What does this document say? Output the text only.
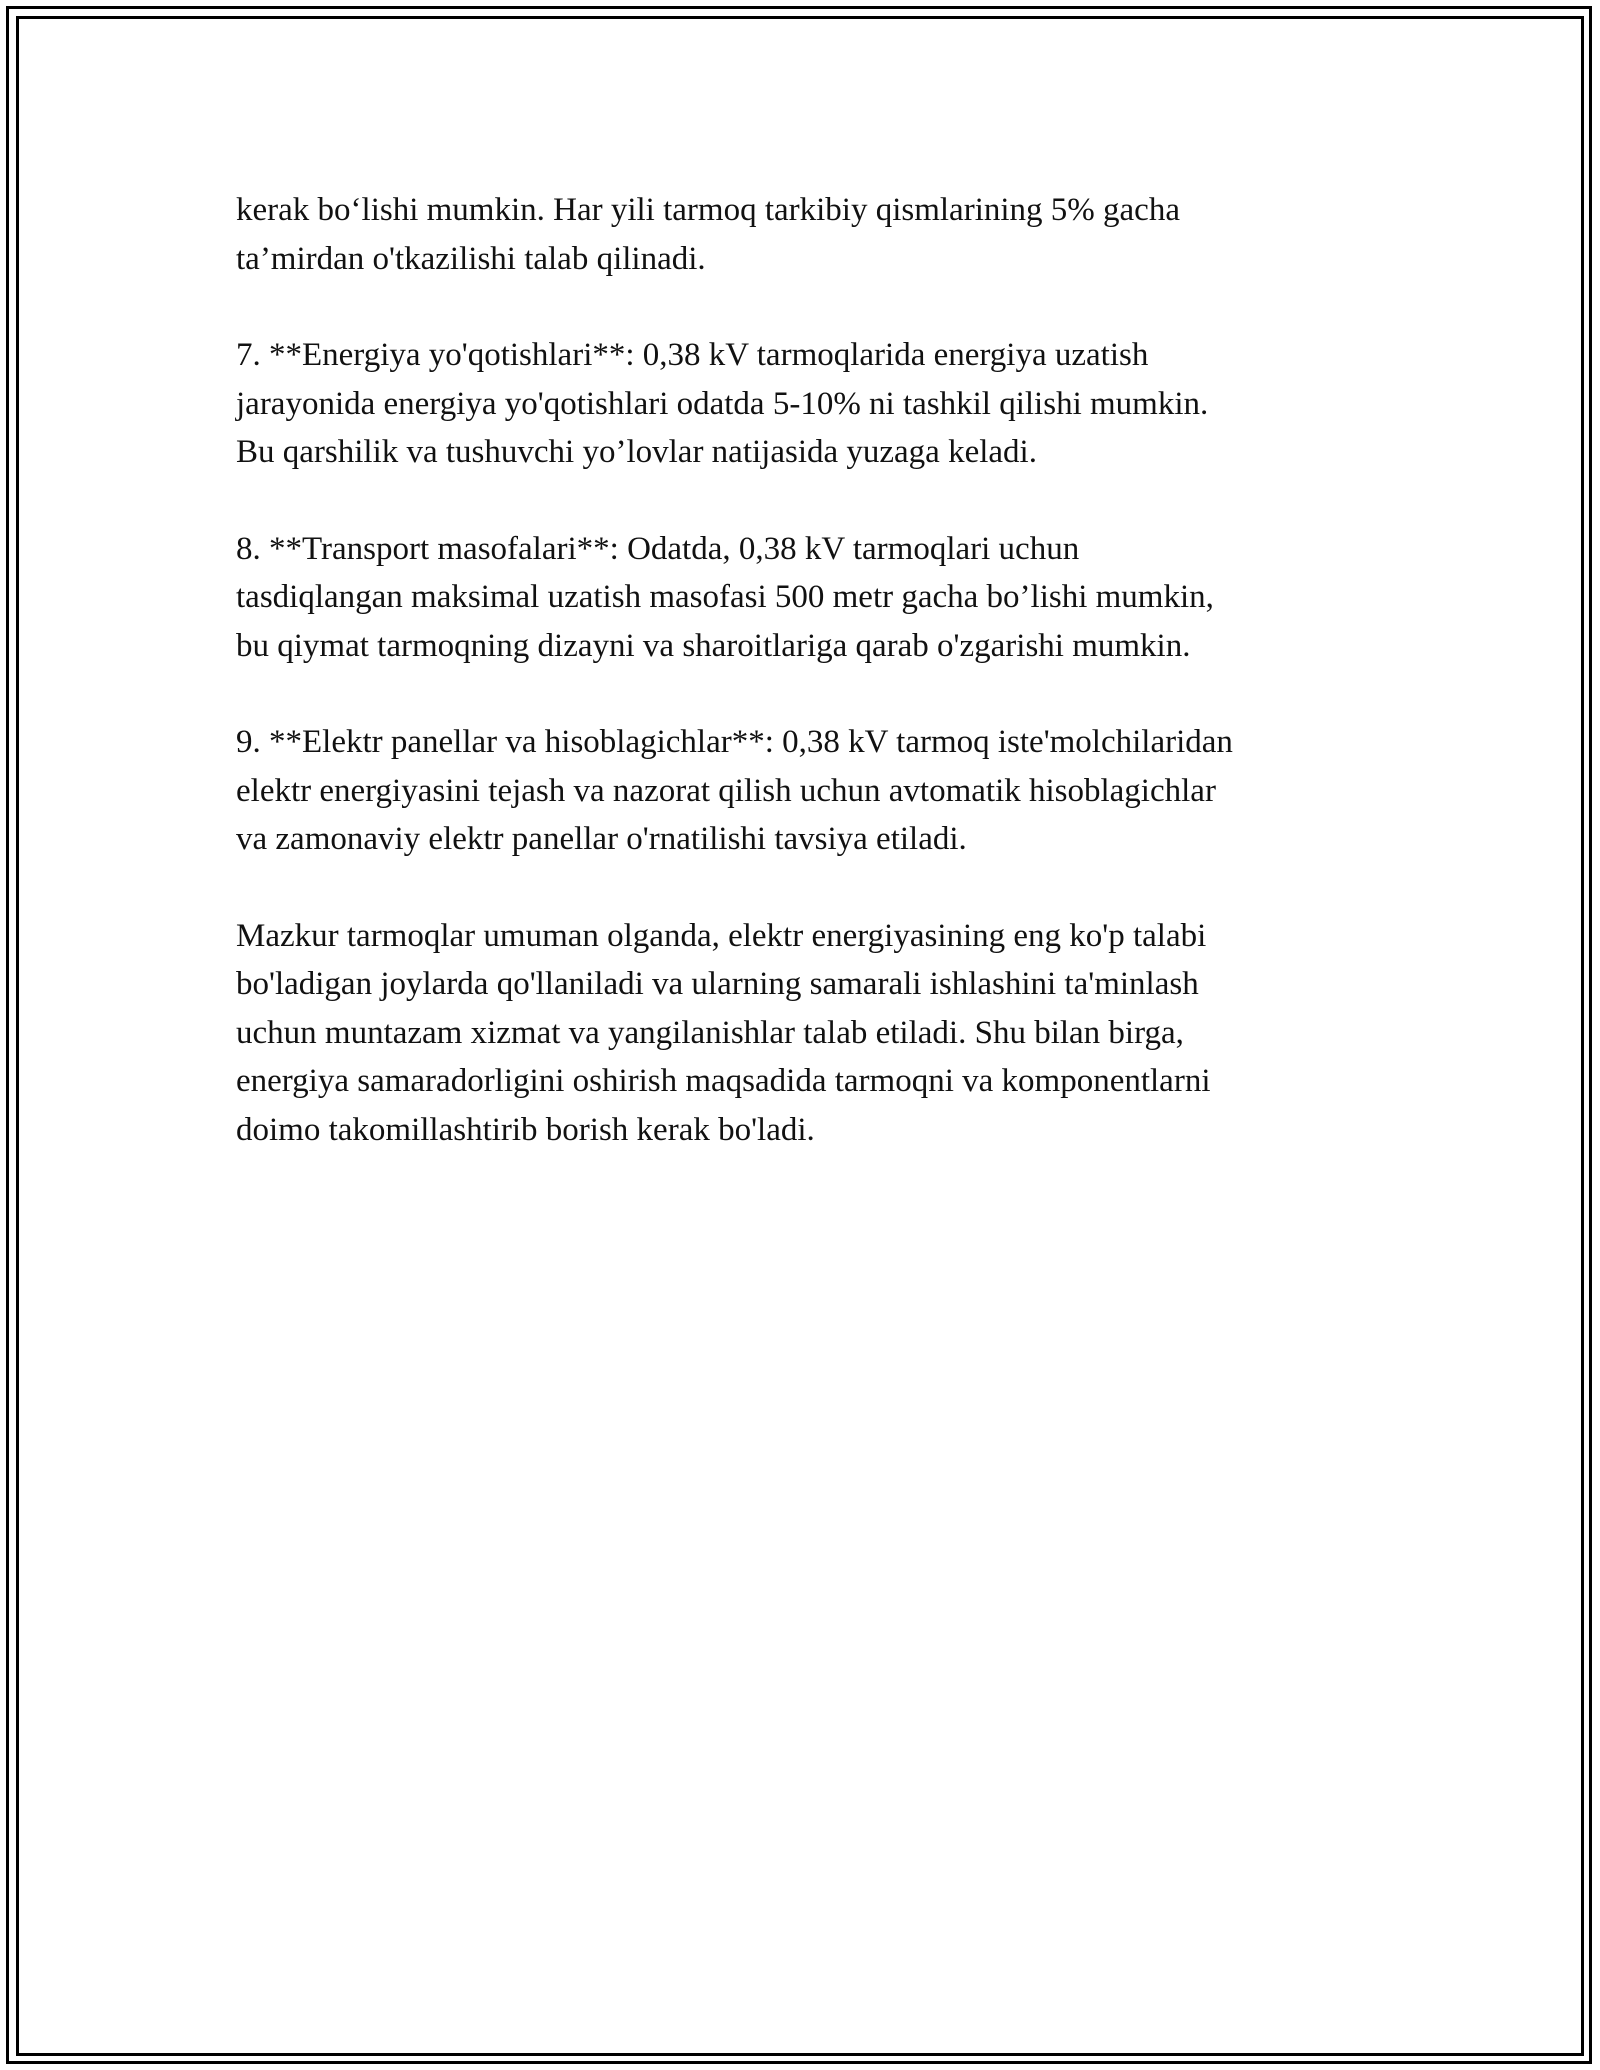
kerak bo‘lishi mumkin. Har yili tarmoq tarkibiy qismlarining 5% gacha
ta’mirdan o'tkazilishi talab qilinadi.

7. **Energiya yo'qotishlari**: 0,38 kV tarmoqlarida energiya uzatish
jarayonida energiya yo'qotishlari odatda 5-10% ni tashkil qilishi mumkin.
Bu qarshilik va tushuvchi yo’lovlar natijasida yuzaga keladi.

8. **Transport masofalari**: Odatda, 0,38 kV tarmoqlari uchun
tasdiqlangan maksimal uzatish masofasi 500 metr gacha bo’lishi mumkin,
bu qiymat tarmoqning dizayni va sharoitlariga qarab o'zgarishi mumkin.

9. **Elektr panellar va hisoblagichlar**: 0,38 kV tarmoq iste'molchilaridan
elektr energiyasini tejash va nazorat qilish uchun avtomatik hisoblagichlar
va zamonaviy elektr panellar o'rnatilishi tavsiya etiladi.

Mazkur tarmoqlar umuman olganda, elektr energiyasining eng ko'p talabi
bo'ladigan joylarda qo'llaniladi va ularning samarali ishlashini ta'minlash
uchun muntazam xizmat va yangilanishlar talab etiladi. Shu bilan birga,
energiya samaradorligini oshirish maqsadida tarmoqni va komponentlarni
doimo takomillashtirib borish kerak bo'ladi.
